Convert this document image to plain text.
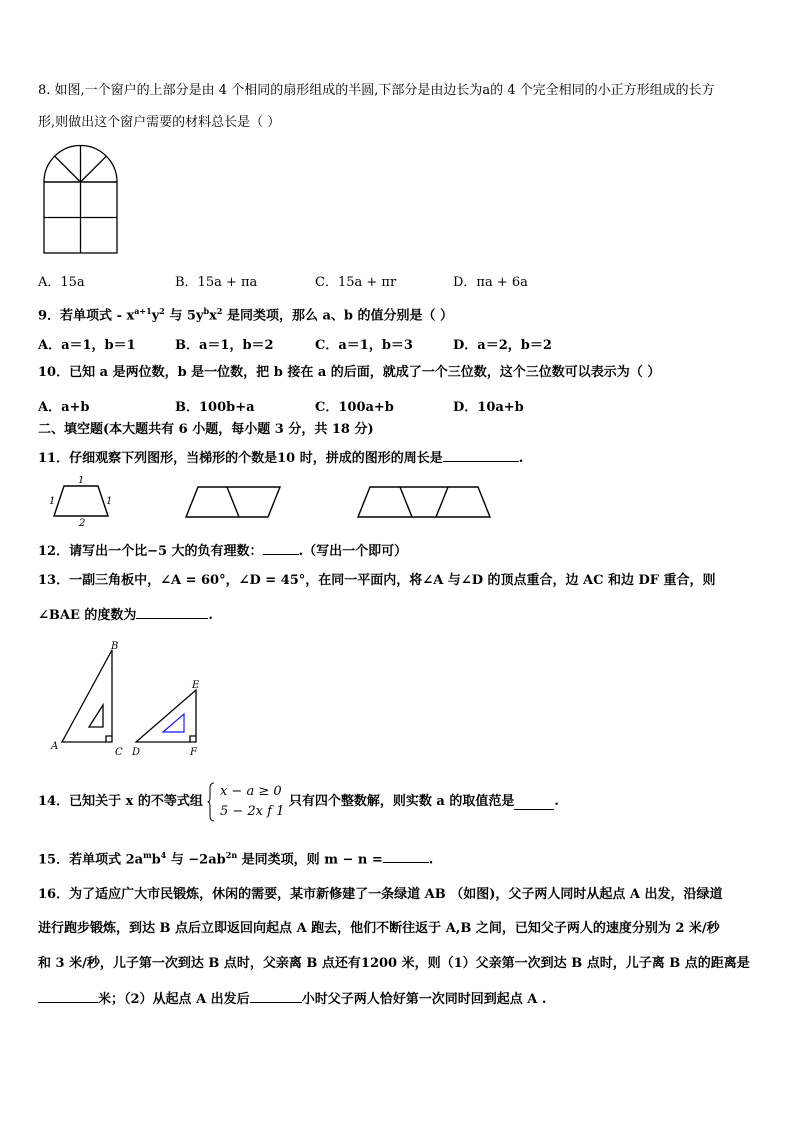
8. 如图,一个窗户的上部分是由 4 个相同的扇形组成的半圆,下部分是由边长为a的 4 个完全相同的小正方形组成的长方
形,则做出这个窗户需要的材料总长是（ ）
A．15a	B．15a + πa	C．15a + πr	D．πa + 6a
9．若单项式 - $x^{a+1}y^2$ 与 $5y^bx^2$ 是同类项，那么 a、b 的值分别是（ ）
A．a＝1，b＝1	B．a＝1，b＝2	C．a＝1，b＝3	D．a＝2，b＝2
10．已知 a 是两位数，b 是一位数，把 b 接在 a 的后面，就成了一个三位数，这个三位数可以表示为（ ）
A．a+b	B．100b+a	C．100a+b	D．10a+b
二、填空题(本大题共有 6 小题，每小题 3 分，共 18 分)
11．仔细观察下列图形，当梯形的个数是10 时，拼成的图形的周长是	.
1
1	1
2
12．请写出一个比−5 大的负有理数：	.（写出一个即可）
13．一副三角板中，∠A = 60°，∠D = 45°，在同一平面内，将∠A 与∠D 的顶点重合，边 AC 和边 DF 重合，则
∠BAE 的度数为	.
B
A
C
E
D	F
14．已知关于 x 的不等式组  x − a ≥ 0
5 − 2x f 1 只有四个整数解，则实数 a 的取值范是	.
15．若单项式 $2a^mb^4$ 与 $-2ab^{2n}$ 是同类项，则 m − n =	.
16．为了适应广大市民锻炼，休闲的需要，某市新修建了一条绿道 AB （如图)，父子两人同时从起点 A 出发，沿绿道
进行跑步锻炼，到达 B 点后立即返回向起点 A 跑去，他们不断往返于 A,B 之间，已知父子两人的速度分别为 2 米/秒
和 3 米/秒，儿子第一次到达 B 点时，父亲离 B 点还有1200 米，则（1）父亲第一次到达 B 点时，儿子离 B 点的距离是
米；（2）从起点 A 出发后	小时父子两人恰好第一次同时回到起点 A .
